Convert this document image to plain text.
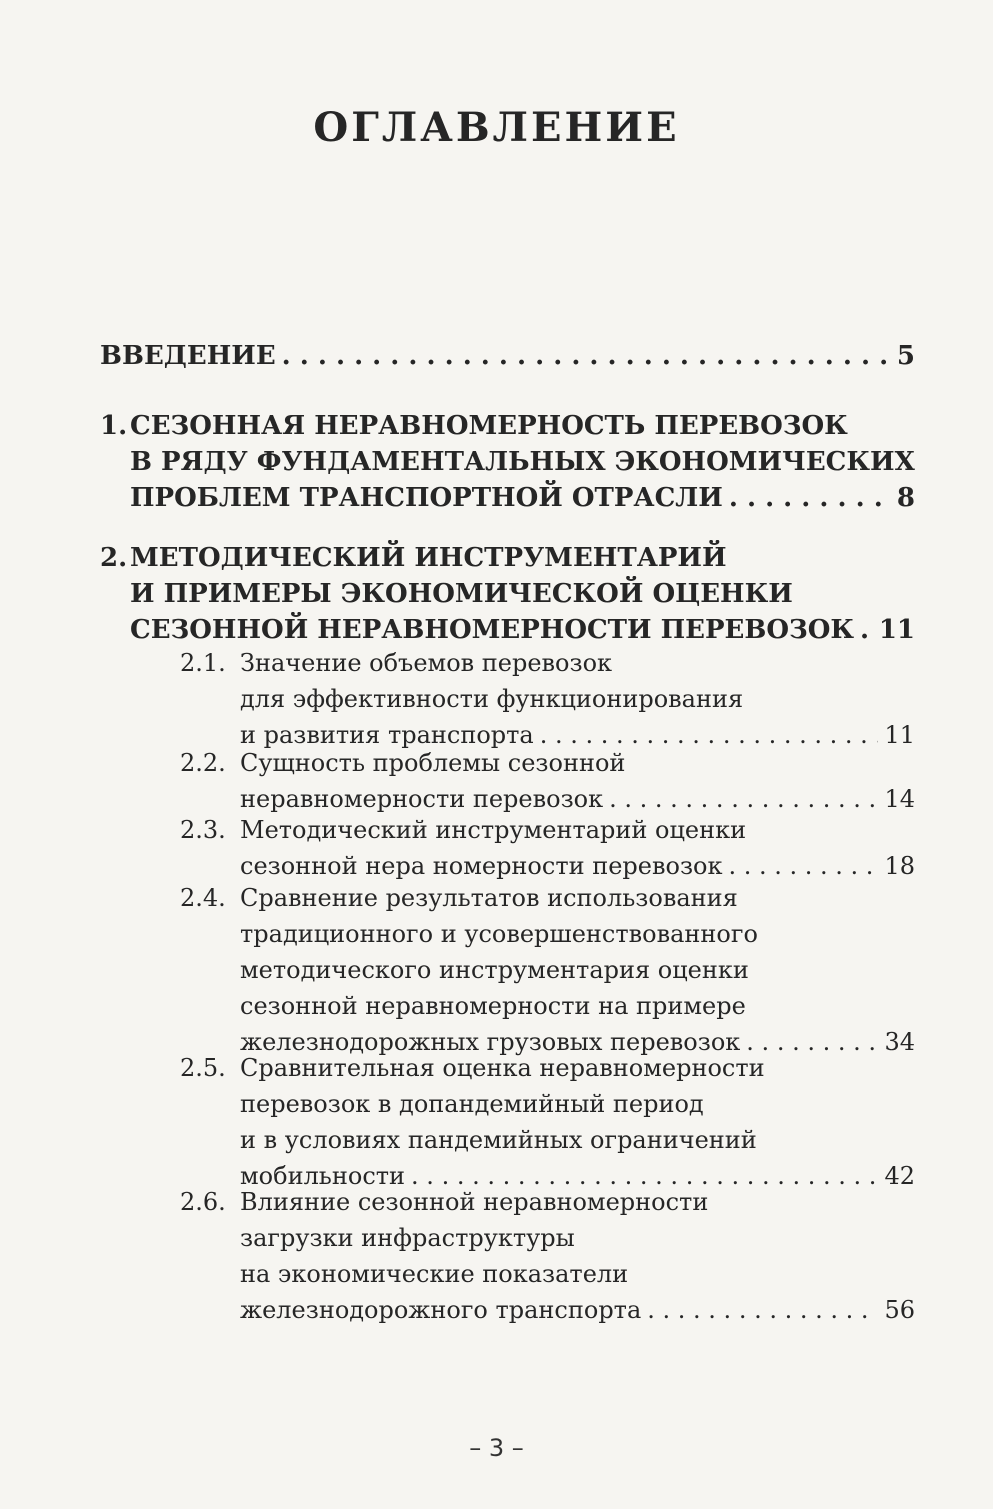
ОГЛАВЛЕНИЕ
ВВЕДЕНИЕ . . .	5
1. СЕЗОННАЯ НЕРАВНОМЕРНОСТЬ ПЕРЕВОЗОК
В РЯДУ ФУНДАМЕНТАЛЬНЫХ ЭКОНОМИЧЕСКИХ
ПРОБЛЕМ ТРАНСПОРТНОЙ ОТРАСЛИ . . .	8
2. МЕТОДИЧЕСКИЙ ИНСТРУМЕНТАРИЙ
И ПРИМЕРЫ ЭКОНОМИЧЕСКОЙ ОЦЕНКИ
СЕЗОННОЙ НЕРАВНОМЕРНОСТИ ПЕРЕВОЗОК . . . 11
2.1. Значение объемов перевозок
для эффективности функционирования
и развития транспорта . . .	11
2.2. Сущность проблемы сезонной
неравномерности перевозок . . .	14
2.3. Методический инструментарий оценки
сезонной нера номерности перевозок . . .	18
2.4. Сравнение результатов использования
традиционного и усовершенствованного
методического инструментария оценки
сезонной неравномерности на примере
железнодорожных грузовых перевозок . . .	34
2.5. Сравнительная оценка неравномерности
перевозок в допандемийный период
и в условиях пандемийных ограничений
мобильности . . .	42
2.6. Влияние сезонной неравномерности
загрузки инфраструктуры
на экономические показатели
железнодорожного транспорта . . .	56
– 3 –
